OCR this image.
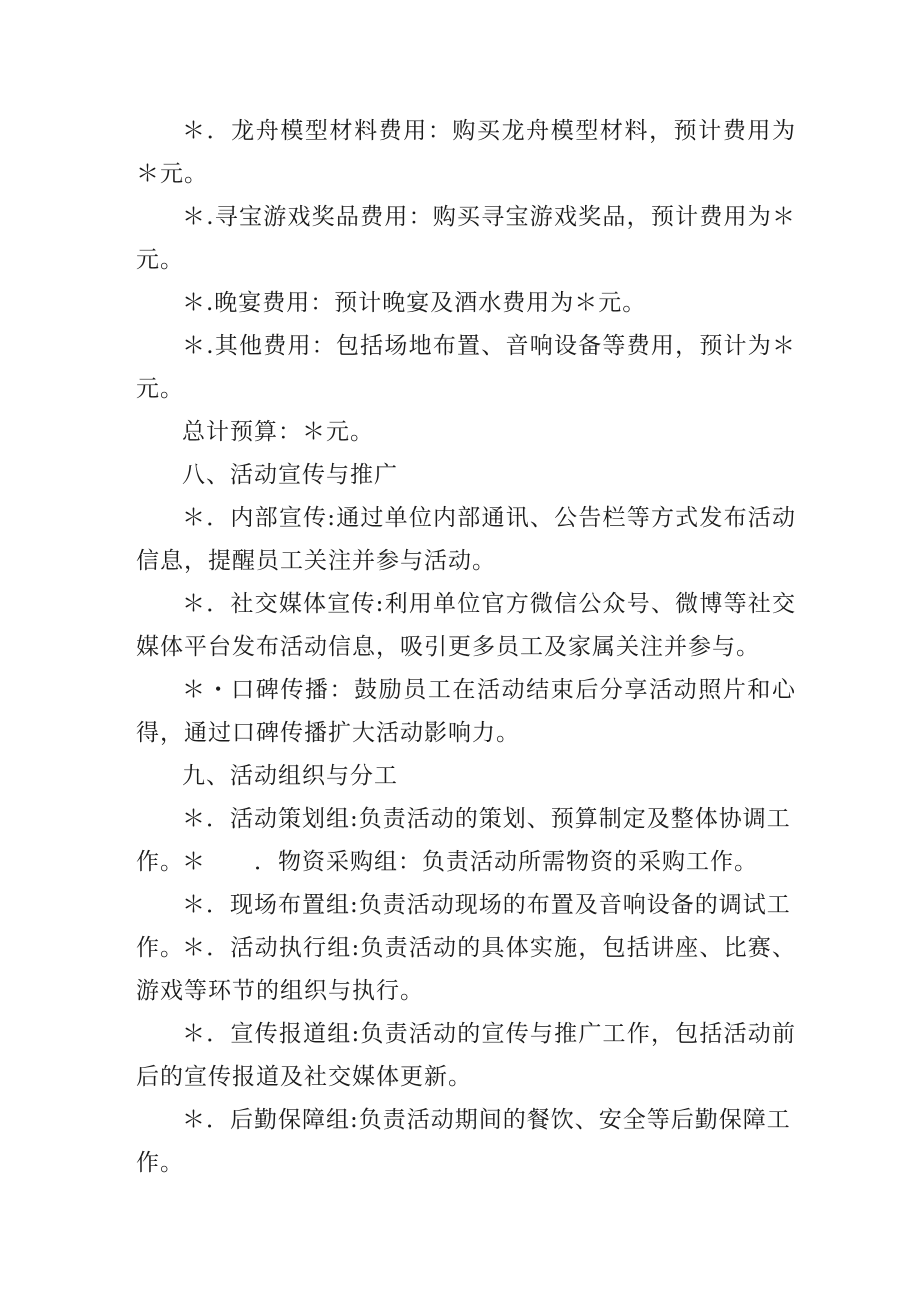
＊．龙舟模型材料费用：购买龙舟模型材料，预计费用为＊元。

＊.寻宝游戏奖品费用：购买寻宝游戏奖品，预计费用为＊元。

＊.晚宴费用：预计晚宴及酒水费用为＊元。

＊.其他费用：包括场地布置、音响设备等费用，预计为＊元。

总计预算：＊元。

八、活动宣传与推广

＊．内部宣传:通过单位内部通讯、公告栏等方式发布活动信息，提醒员工关注并参与活动。

＊．社交媒体宣传:利用单位官方微信公众号、微博等社交媒体平台发布活动信息，吸引更多员工及家属关注并参与。

＊・口碑传播：鼓励员工在活动结束后分享活动照片和心得，通过口碑传播扩大活动影响力。

九、活动组织与分工

＊．活动策划组:负责活动的策划、预算制定及整体协调工作。

＊　　．物资采购组：负责活动所需物资的采购工作。

＊．现场布置组:负责活动现场的布置及音响设备的调试工作。

＊．活动执行组:负责活动的具体实施，包括讲座、比赛、游戏等环节的组织与执行。

＊．宣传报道组:负责活动的宣传与推广工作，包括活动前后的宣传报道及社交媒体更新。

＊．后勤保障组:负责活动期间的餐饮、安全等后勤保障工作。
